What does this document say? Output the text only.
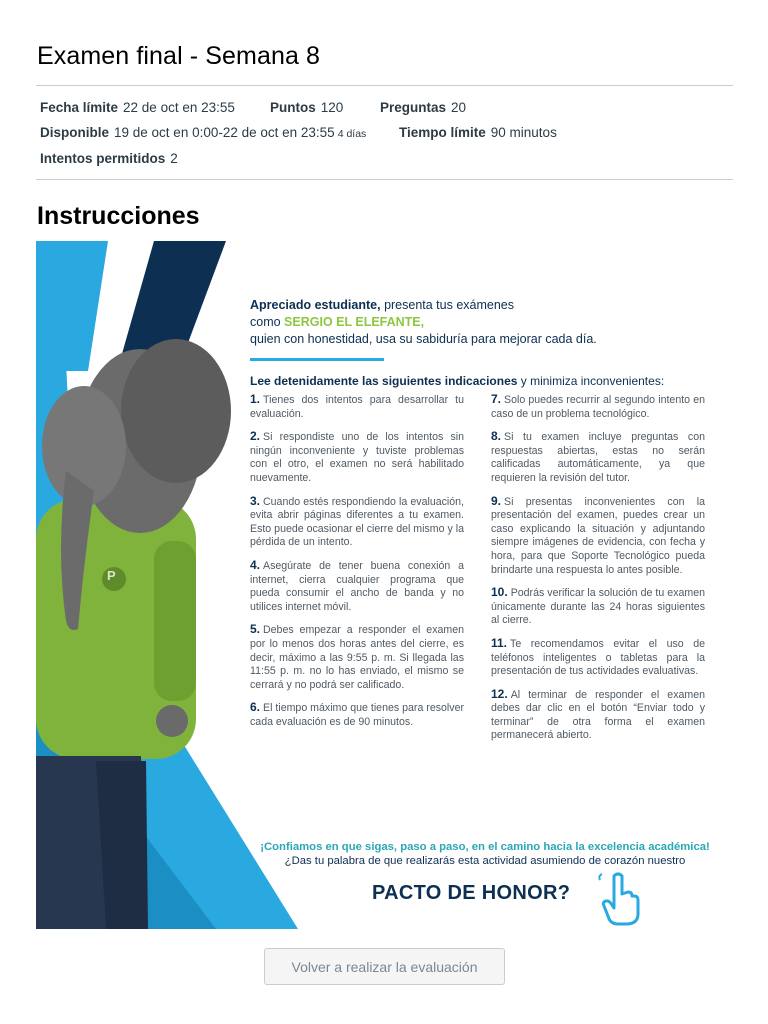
Examen final - Semana 8
Fecha límite 22 de oct en 23:55	Puntos 120	Preguntas 20
Disponible 19 de oct en 0:00-22 de oct en 23:55 4 días Tiempo límite 90 minutos
Intentos permitidos 2
Instrucciones
P
Apreciado estudiante, presenta tus exámenes
como SERGIO EL ELEFANTE,
quien con honestidad, usa su sabiduría para mejorar cada día.
Lee detenidamente las siguientes indicaciones y minimiza inconvenientes:

1. Tienes dos intentos para desarrollar tu evaluación.

2. Si respondiste uno de los intentos sin ningún inconveniente y tuviste problemas con el otro, el examen no será habilitado nuevamente.

3. Cuando estés respondiendo la evaluación, evita abrir páginas diferentes a tu examen. Esto puede ocasionar el cierre del mismo y la pérdida de un intento.

4. Asegúrate de tener buena conexión a internet, cierra cualquier programa que pueda consumir el ancho de banda y no utilices internet móvil.

5. Debes empezar a responder el examen por lo menos dos horas antes del cierre, es decir, máximo a las 9:55 p. m. Si llegada las 11:55 p. m. no lo has enviado, el mismo se cerrará y no podrá ser calificado.

6. El tiempo máximo que tienes para resolver cada evaluación es de 90 minutos.

7. Solo puedes recurrir al segundo intento en caso de un problema tecnológico.

8. Si tu examen incluye preguntas con respuestas abiertas, estas no serán calificadas automáticamente, ya que requieren la revisión del tutor.

9. Si presentas inconvenientes con la presentación del examen, puedes crear un caso explicando la situación y adjuntando siempre imágenes de evidencia, con fecha y hora, para que Soporte Tecnológico pueda brindarte una respuesta lo antes posible.

10. Podrás verificar la solución de tu examen únicamente durante las 24 horas siguientes al cierre.

11. Te recomendamos evitar el uso de teléfonos inteligentes o tabletas para la presentación de tus actividades evaluativas.

12. Al terminar de responder el examen debes dar clic en el botón “Enviar todo y terminar” de otra forma el examen permanecerá abierto.

¡Confiamos en que sigas, paso a paso, en el camino hacia la excelencia académica!
¿Das tu palabra de que realizarás esta actividad asumiendo de corazón nuestro
PACTO DE HONOR?
Volver a realizar la evaluación
